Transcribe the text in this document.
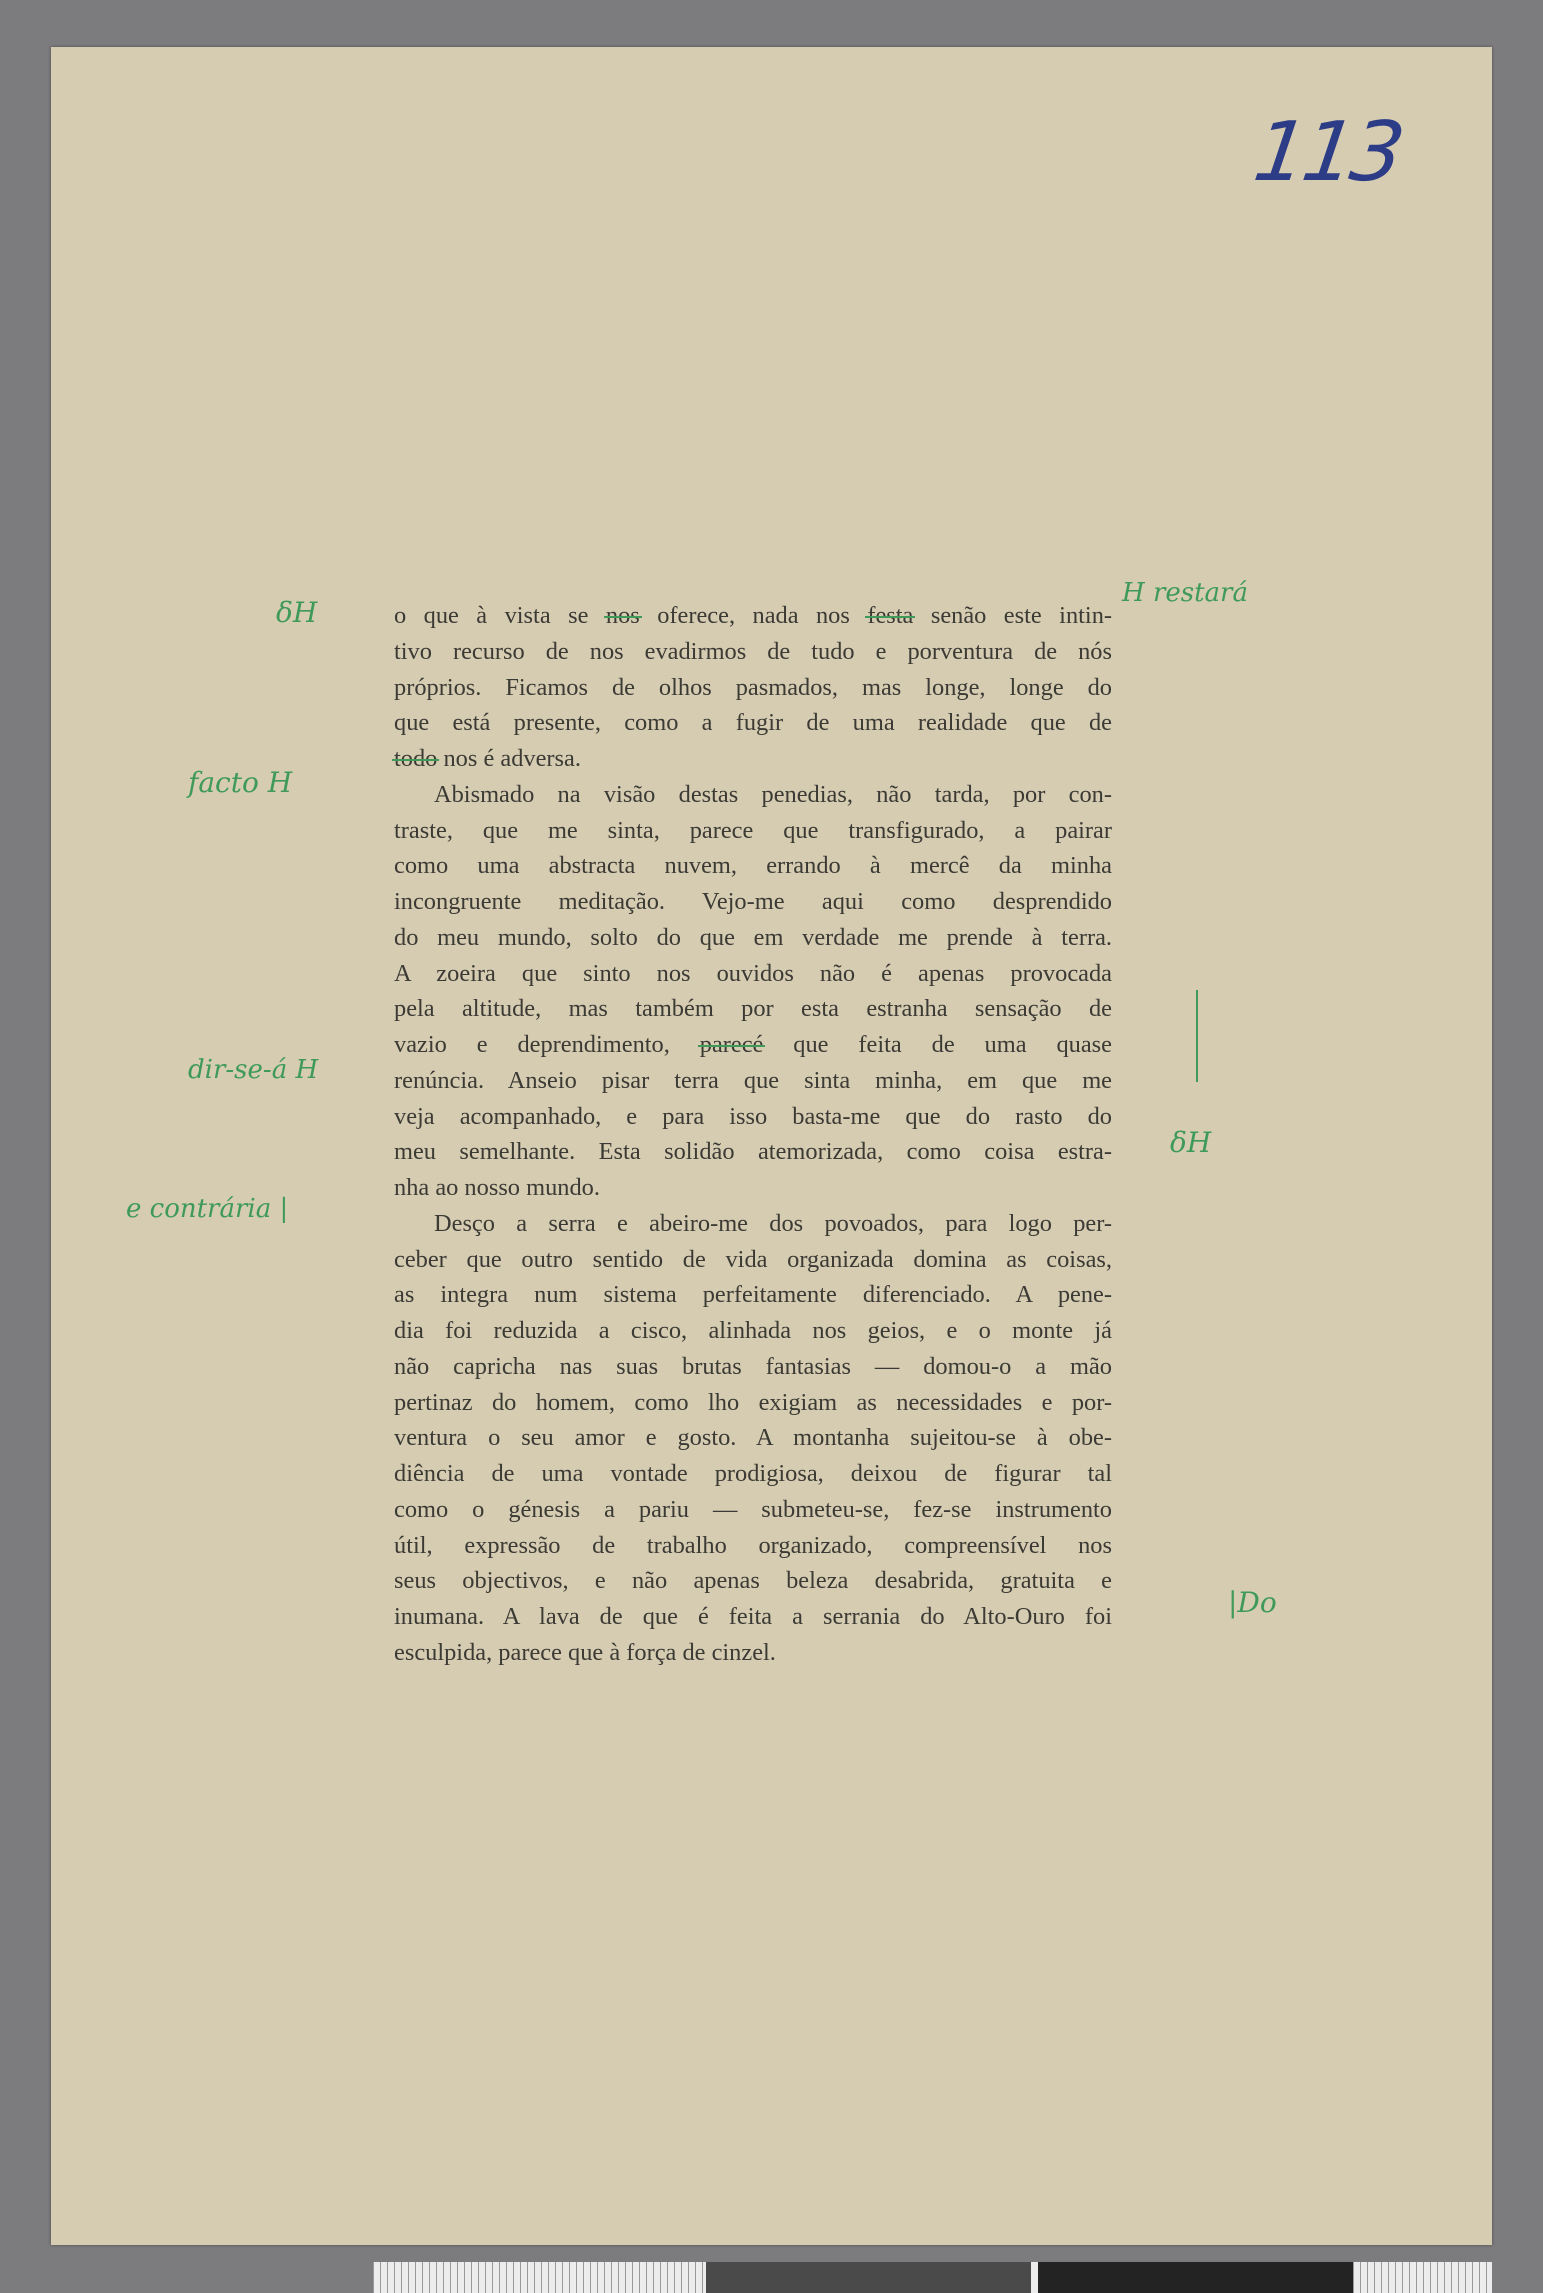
113
o que à vista se nos oferece, nada nos festa senão este intin-
tivo recurso de nos evadirmos de tudo e porventura de nós
próprios. Ficamos de olhos pasmados, mas longe, longe do
que está presente, como a fugir de uma realidade que de
todo nos é adversa.
Abismado na visão destas penedias, não tarda, por con-
traste, que me sinta, parece que transfigurado, a pairar
como uma abstracta nuvem, errando à mercê da minha
incongruente meditação. Vejo-me aqui como desprendido
do meu mundo, solto do que em verdade me prende à terra.
A zoeira que sinto nos ouvidos não é apenas provocada
pela altitude, mas também por esta estranha sensação de
vazio e deprendimento, parecé que feita de uma quase
renúncia. Anseio pisar terra que sinta minha, em que me
veja acompanhado, e para isso basta-me que do rasto do
meu semelhante. Esta solidão atemorizada, como coisa estra-
nha ao nosso mundo.
Desço a serra e abeiro-me dos povoados, para logo per-
ceber que outro sentido de vida organizada domina as coisas,
as integra num sistema perfeitamente diferenciado. A pene-
dia foi reduzida a cisco, alinhada nos geios, e o monte já
não capricha nas suas brutas fantasias — domou-o a mão
pertinaz do homem, como lho exigiam as necessidades e por-
ventura o seu amor e gosto. A montanha sujeitou-se à obe-
diência de uma vontade prodigiosa, deixou de figurar tal
como o génesis a pariu — submeteu-se, fez-se instrumento
útil, expressão de trabalho organizado, compreensível nos
seus objectivos, e não apenas beleza desabrida, gratuita e
inumana. A lava de que é feita a serrania do Alto-Ouro foi
esculpida, parece que à força de cinzel.
δH
facto H
dir-se-á H
e contrária |
H restará
δH
|Do
